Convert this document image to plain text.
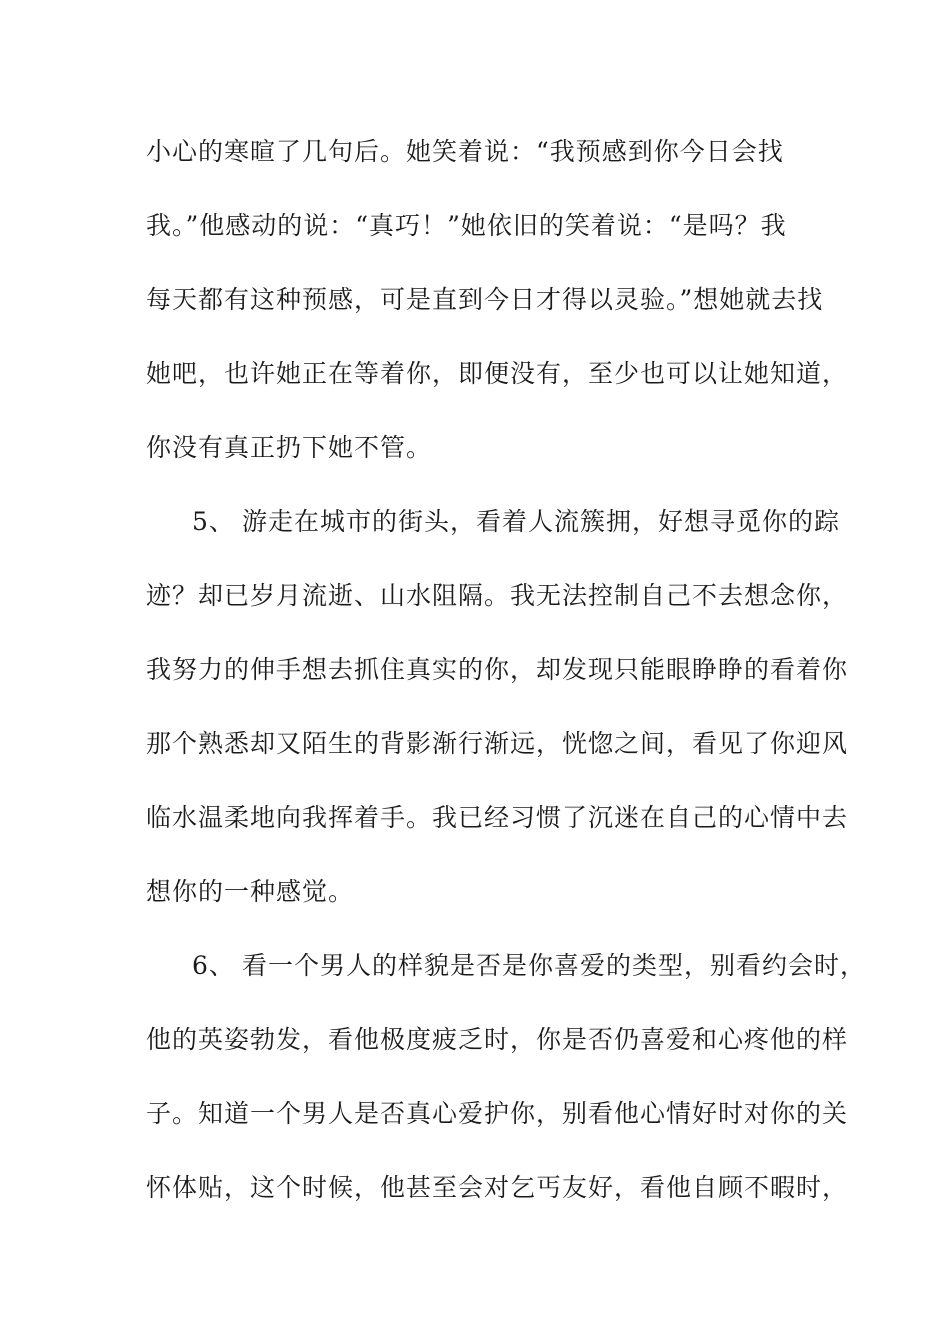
小心的寒暄了几句后。她笑着说：“我预感到你今日会找
我。”他感动的说：“真巧！”她依旧的笑着说：“是吗？我
每天都有这种预感，可是直到今日才得以灵验。”想她就去找
她吧，也许她正在等着你，即便没有，至少也可以让她知道，
你没有真正扔下她不管。
5、 游走在城市的街头，看着人流簇拥，好想寻觅你的踪
迹？却已岁月流逝、山水阻隔。我无法控制自己不去想念你，
我努力的伸手想去抓住真实的你，却发现只能眼睁睁的看着你
那个熟悉却又陌生的背影渐行渐远，恍惚之间，看见了你迎风
临水温柔地向我挥着手。我已经习惯了沉迷在自己的心情中去
想你的一种感觉。
6、 看一个男人的样貌是否是你喜爱的类型，别看约会时，
他的英姿勃发，看他极度疲乏时，你是否仍喜爱和心疼他的样
子。知道一个男人是否真心爱护你，别看他心情好时对你的关
怀体贴，这个时候，他甚至会对乞丐友好，看他自顾不暇时，
